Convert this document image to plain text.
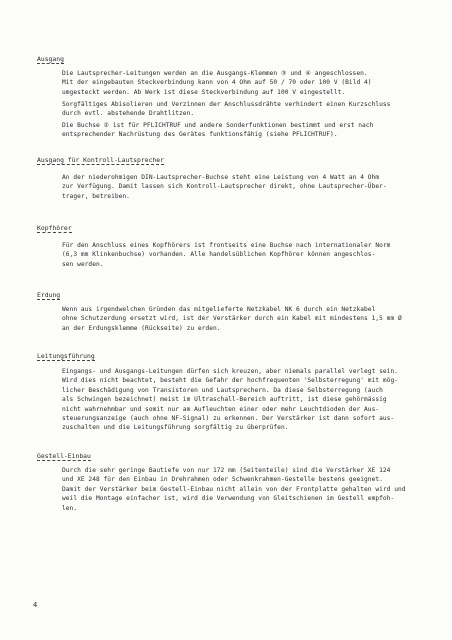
Ausgang

Die Lautsprecher-Leitungen werden an die Ausgangs-Klemmen ③ und ④ angeschlossen.
Mit der eingebauten Steckverbindung kann von 4 Ohm auf 50 / 70 oder 100 V (Bild 4)
umgesteckt werden. Ab Werk ist diese Steckverbindung auf 100 V eingestellt.

Sorgfältiges Abisolieren und Verzinnen der Anschlussdrähte verhindert einen Kurzschluss
durch evtl. abstehende Drahtlitzen.

Die Buchse ② ist für PFLICHTRUF und andere Sonderfunktionen bestimmt und erst nach
entsprechender Nachrüstung des Gerätes funktionsfähig (siehe PFLICHTRUF).

Ausgang für Kontroll-Lautsprecher

An der niederohmigen DIN-Lautsprecher-Buchse steht eine Leistung von 4 Watt an 4 Ohm
zur Verfügung. Damit lassen sich Kontroll-Lautsprecher direkt, ohne Lautsprecher-Über-
trager, betreiben.

Kopfhörer

Für den Anschluss eines Kopfhörers ist frontseits eine Buchse nach internationaler Norm
(6,3 mm Klinkenbuchse) vorhanden. Alle handelsüblichen Kopfhörer können angeschlos-
sen werden.

Erdung

Wenn aus irgendwelchen Gründen das mitgelieferte Netzkabel NK 6 durch ein Netzkabel
ohne Schutzerdung ersetzt wird, ist der Verstärker durch ein Kabel mit mindestens 1,5 mm Ø
an der Erdungsklemme (Rückseite) zu erden.

Leitungsführung

Eingangs- und Ausgangs-Leitungen dürfen sich kreuzen, aber niemals parallel verlegt sein.
Wird dies nicht beachtet, besteht die Gefahr der hochfrequenten 'Selbsterregung' mit mög-
licher Beschädigung von Transistoren und Lautsprechern. Da diese Selbsterregung (auch
als Schwingen bezeichnet) meist im Ultraschall-Bereich auftritt, ist diese gehörmässig
nicht wahrnehmbar und somit nur am Aufleuchten einer oder mehr Leuchtdioden der Aus-
steuerungsanzeige (auch ohne NF-Signal) zu erkennen. Der Verstärker ist dann sofort aus-
zuschalten und die Leitungsführung sorgfältig zu überprüfen.

Gestell-Einbau

Durch die sehr geringe Bautiefe von nur 172 mm (Seitenteile) sind die Verstärker XE 124
und XE 248 für den Einbau in Drehrahmen oder Schwenkrahmen-Gestelle bestens geeignet.
Damit der Verstärker beim Gestell-Einbau nicht allein von der Frontplatte gehalten wird und
weil die Montage einfacher ist, wird die Verwendung von Gleitschienen im Gestell empfoh-
len.

4
